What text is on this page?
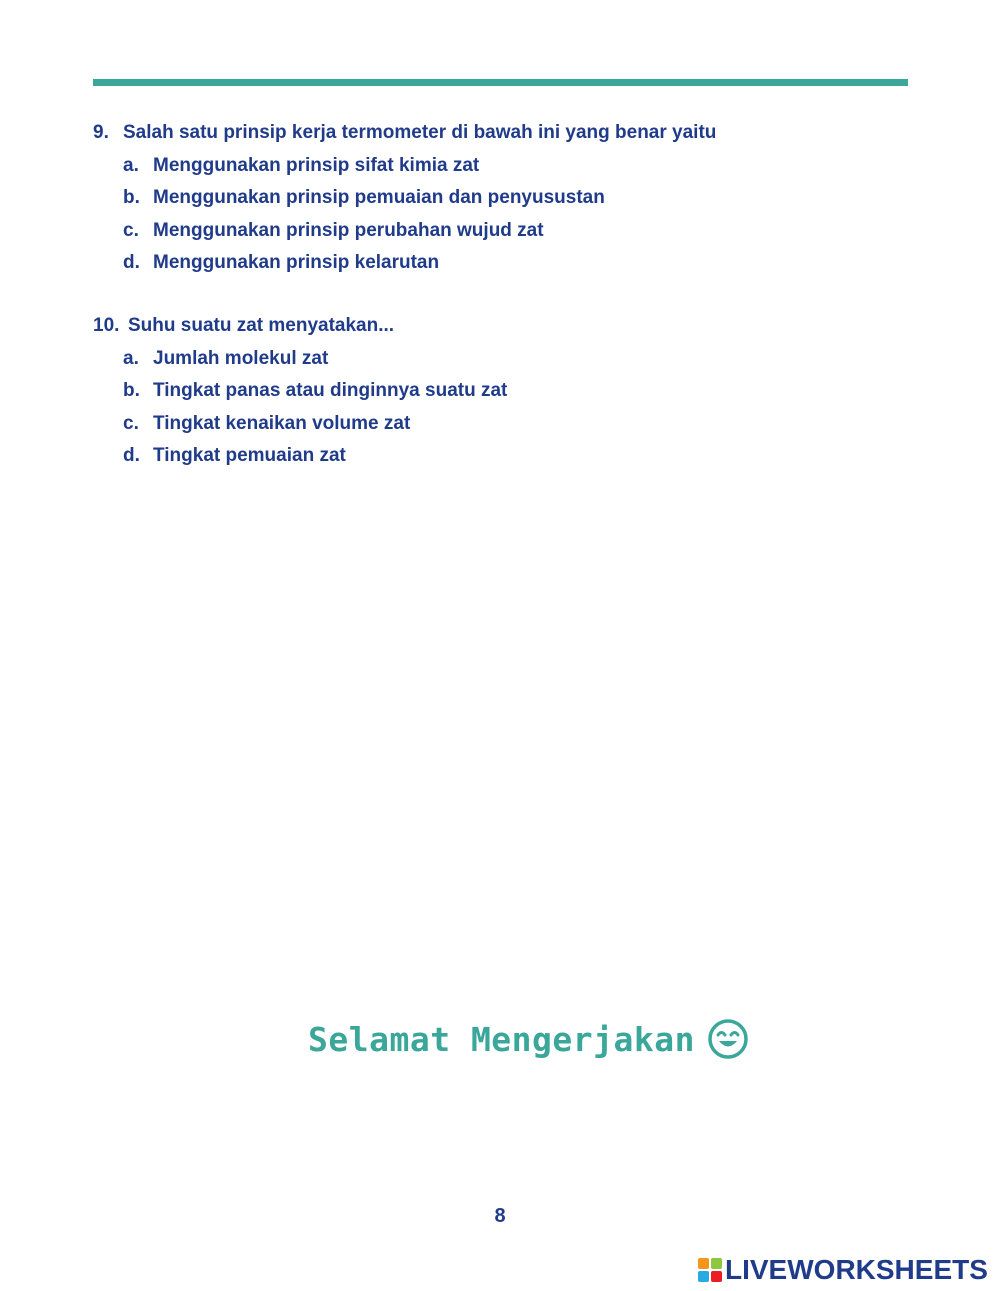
9. Salah satu prinsip kerja termometer di bawah ini yang benar yaitu
a. Menggunakan prinsip sifat kimia zat
b. Menggunakan prinsip pemuaian dan penyusustan
c. Menggunakan prinsip perubahan wujud zat
d. Menggunakan prinsip kelarutan
10. Suhu suatu zat menyatakan...
a. Jumlah molekul zat
b. Tingkat panas atau dinginnya suatu zat
c. Tingkat kenaikan volume zat
d. Tingkat pemuaian zat
Selamat Mengerjakan
8
LIVEWORKSHEETS
